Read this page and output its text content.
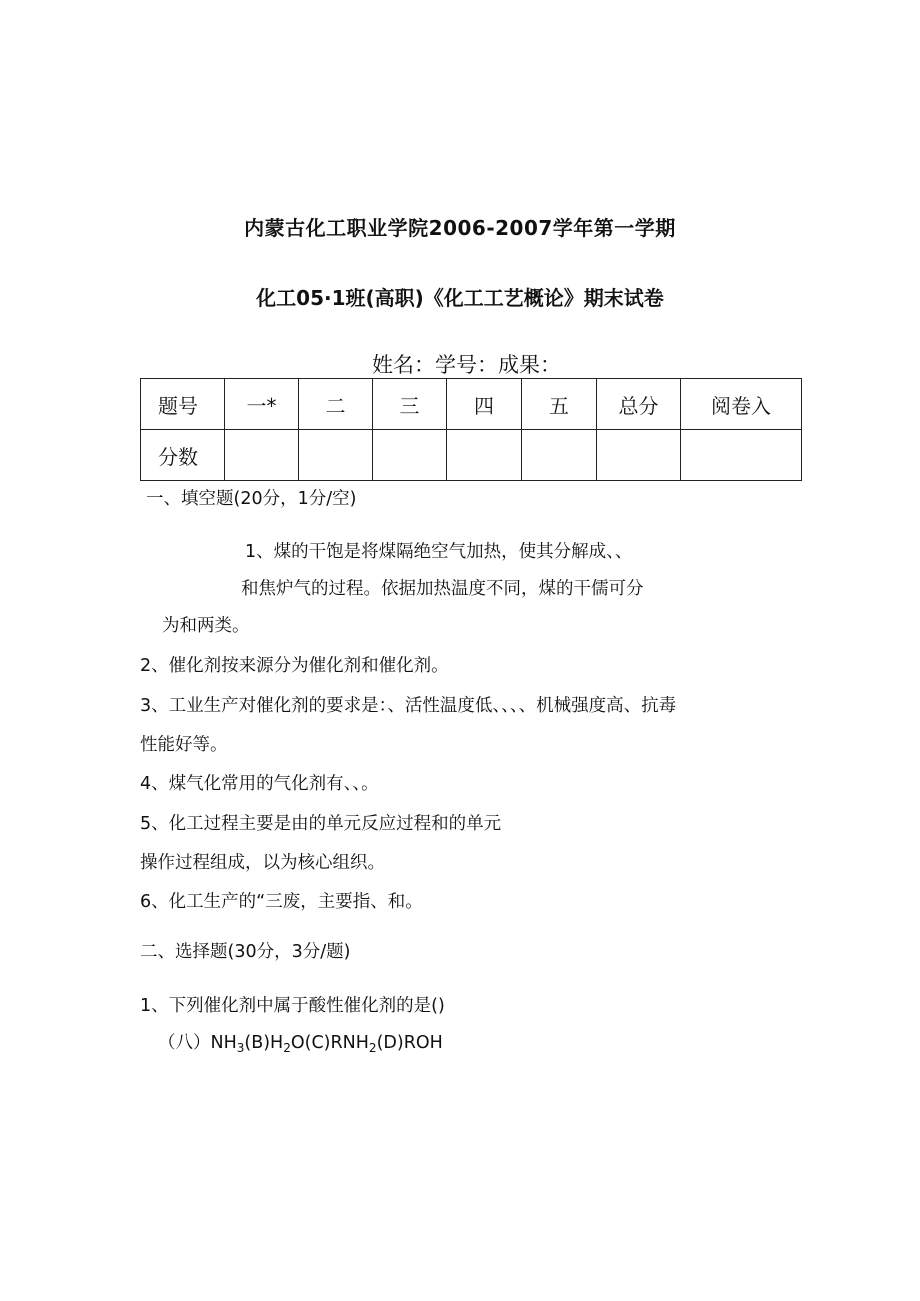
内蒙古化工职业学院2006-2007学年第一学期
化工05·1班(高职)《化工工艺概论》期末试卷
姓名：学号：成果：
题号	一*	二	三	四	五	总分	阅卷入
分数							
一、填空题(20分，1分/空)
1、煤的干饱是将煤隔绝空气加热，使其分解成、、
和焦炉气的过程。依据加热温度不同，煤的干儒可分
为和两类。
2、催化剂按来源分为催化剂和催化剂。
3、工业生产对催化剂的要求是：、活性温度低、、、、机械强度高、抗毒
性能好等。
4、煤气化常用的气化剂有、、。
5、化工过程主要是由的单元反应过程和的单元
操作过程组成，以为核心组织。
6、化工生产的“三废，主要指、和。
二、选择题(30分，3分/题)
1、下列催化剂中属于酸性催化剂的是()
（八）$NH_3(B)H_2O(C)RNH_2(D)ROH$
